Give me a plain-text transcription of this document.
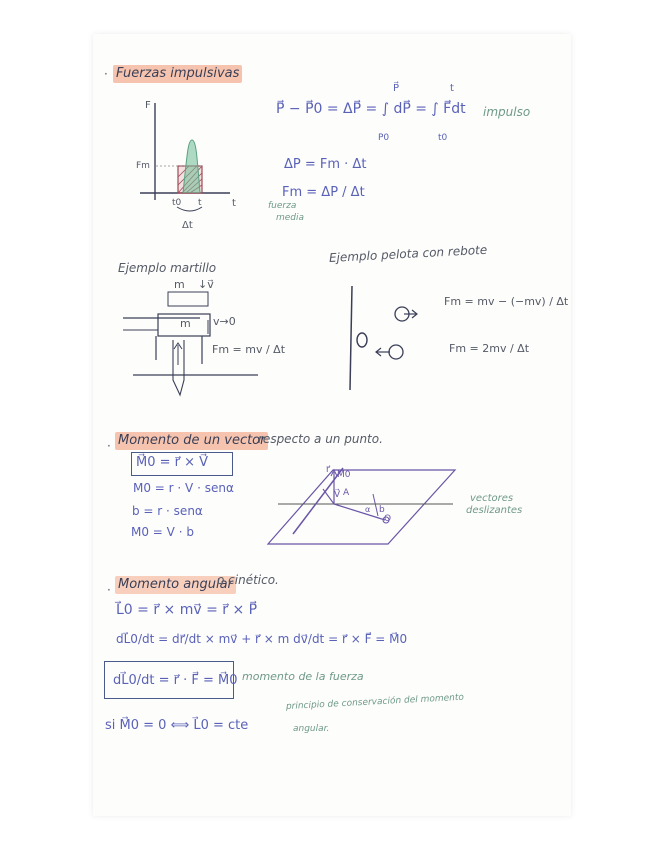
· Fuerzas impulsivas
F
Fm
t0 t	t
Δt
P⃗ − P⃗0 = ΔP⃗ = ∫ dP⃗ = ∫ F⃗dt
P⃗
P0
t
t0
impulso
ΔP = Fm · Δt
Fm = ΔP / Δt
fuerza
media
Ejemplo martillo
m ↓v⃗
m v→0
Fm = mv / Δt
Ejemplo pelota con rebote
Fm = mv − (−mv) / Δt
Fm = 2mv / Δt
· Momento de un vector
respecto a un punto.
M⃗0 = r⃗ × V⃗
M0 = r · V · senα
b = r · senα
M0 = V · b
r⃗ M⃗0
A
V⃗
α b
O
vectores
deslizantes
· Momento angular
o cinético.
L⃗0 = r⃗ × mv⃗ = r⃗ × P⃗
dL⃗0/dt = dr⃗/dt × mv⃗ + r⃗ × m dv⃗/dt = r⃗ × F⃗ = M⃗0
dL⃗0/dt = r⃗ · F⃗ = M⃗0 momento de la fuerza
si M⃗0 = 0 ⟺ L⃗0 = cte
principio de conservación del momento
angular.
